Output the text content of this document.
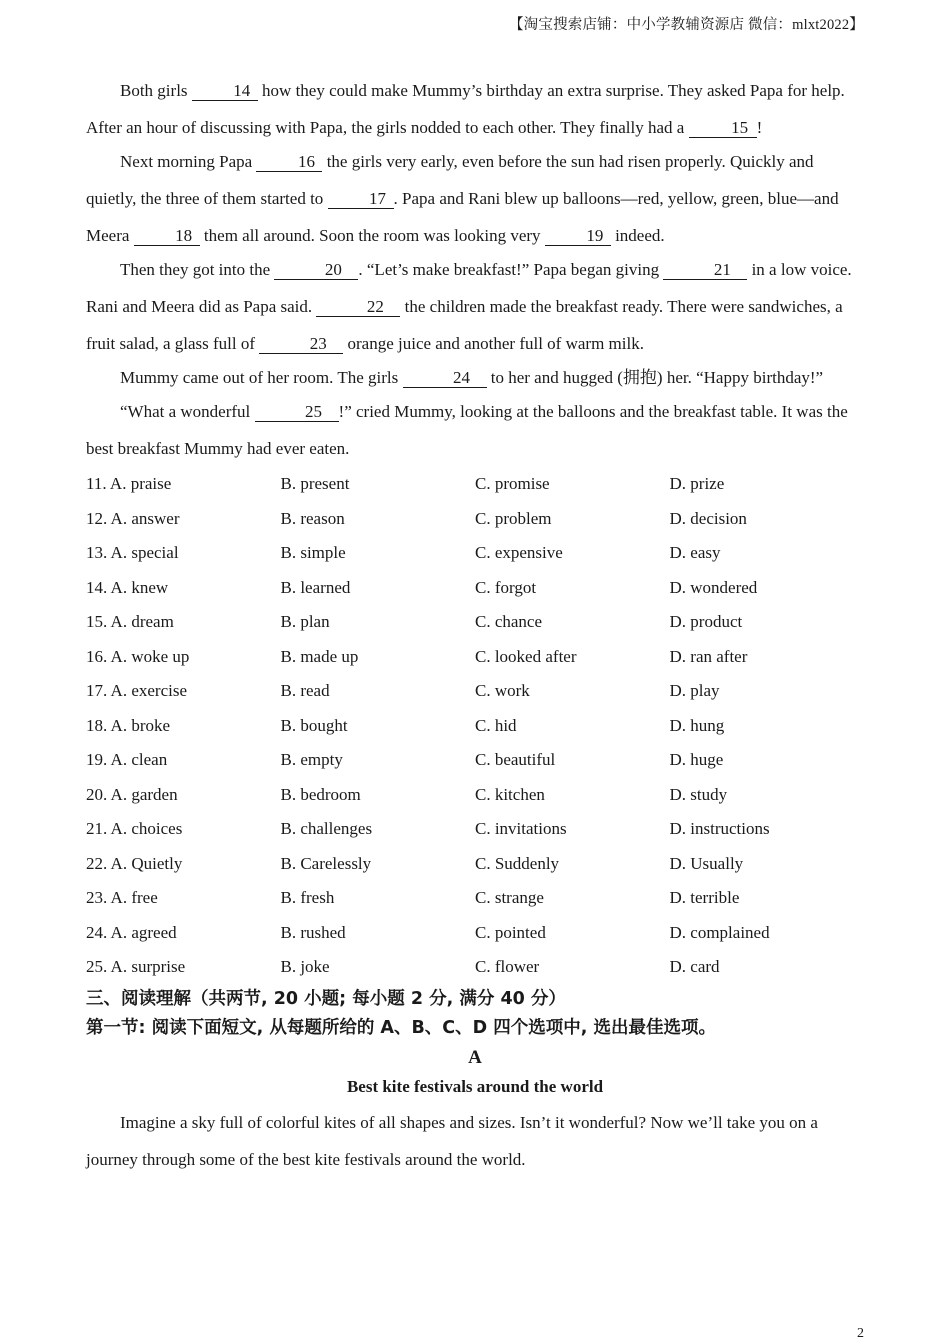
【淘宝搜索店铺：中小学教辅资源店 微信：mlxt2022】

Both girls 14 how they could make Mummy’s birthday an extra surprise. They asked Papa for help. After an hour of discussing with Papa, the girls nodded to each other. They finally had a	15 !

Next morning Papa 16 the girls very early, even before the sun had risen properly. Quickly and quietly, the three of them started to 17 . Papa and Rani blew up balloons—red, yellow, green, blue—and Meera 18 them all around. Soon the room was looking very 19 indeed.

Then they got into the	20 . “Let’s make breakfast!” Papa began giving	21 in a low voice. Rani and Meera did as Papa said.	22 the children made the breakfast ready. There were sandwiches, a fruit salad, a glass full of	23 orange juice and another full of warm milk.

Mummy came out of her room. The girls	24 to her and hugged (拥抱) her. “Happy birthday!”

“What a wonderful	25 !” cried Mummy, looking at the balloons and the breakfast table. It was the best breakfast Mummy had ever eaten.

11. A. praise	B. present	C. promise	D. prize
12. A. answer	B. reason	C. problem	D. decision
13. A. special	B. simple	C. expensive	D. easy
14. A. knew	B. learned	C. forgot	D. wondered
15. A. dream	B. plan	C. chance	D. product
16. A. woke up	B. made up	C. looked after	D. ran after
17. A. exercise	B. read	C. work	D. play
18. A. broke	B. bought	C. hid	D. hung
19. A. clean	B. empty	C. beautiful	D. huge
20. A. garden	B. bedroom	C. kitchen	D. study
21. A. choices	B. challenges	C. invitations	D. instructions
22. A. Quietly	B. Carelessly	C. Suddenly	D. Usually
23. A. free	B. fresh	C. strange	D. terrible
24. A. agreed	B. rushed	C. pointed	D. complained
25. A. surprise	B. joke	C. flower	D. card

三、阅读理解（共两节, 20 小题; 每小题 2 分, 满分 40 分）

第一节: 阅读下面短文, 从每题所给的 A、B、C、D 四个选项中, 选出最佳选项。

A

Best kite festivals around the world

Imagine a sky full of colorful kites of all shapes and sizes. Isn’t it wonderful? Now we’ll take you on a journey through some of the best kite festivals around the world.

2
